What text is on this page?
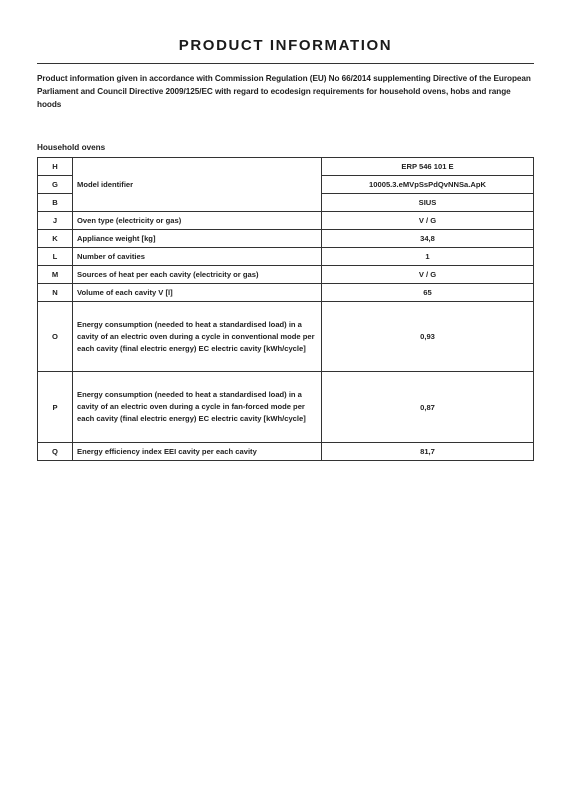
PRODUCT INFORMATION
Product information given in accordance with Commission Regulation (EU) No 66/2014 supplementing Directive of the European Parliament and Council Directive 2009/125/EC with regard to ecodesign requirements for household ovens, hobs and range hoods
Household ovens
H	Model identifier	ERP 546 101 E
G		10005.3.eMVpSsPdQvNNSa.ApK
B		SIUS
J	Oven type (electricity or gas)	V / G
K	Appliance weight [kg]	34,8
L	Number of cavities	1
M	Sources of heat per each cavity (electricity or gas)	V / G
N	Volume of each cavity V [l]	65
O	Energy consumption (needed to heat a standardised load) in a cavity of an electric oven during a cycle in conventional mode per each cavity (final electric energy) EC electric cavity [kWh/cycle]	0,93
P	Energy consumption (needed to heat a standardised load) in a cavity of an electric oven during a cycle in fan-forced mode per each cavity (final electric energy) EC electric cavity [kWh/cycle]	0,87
Q	Energy efficiency index EEI cavity per each cavity	81,7
